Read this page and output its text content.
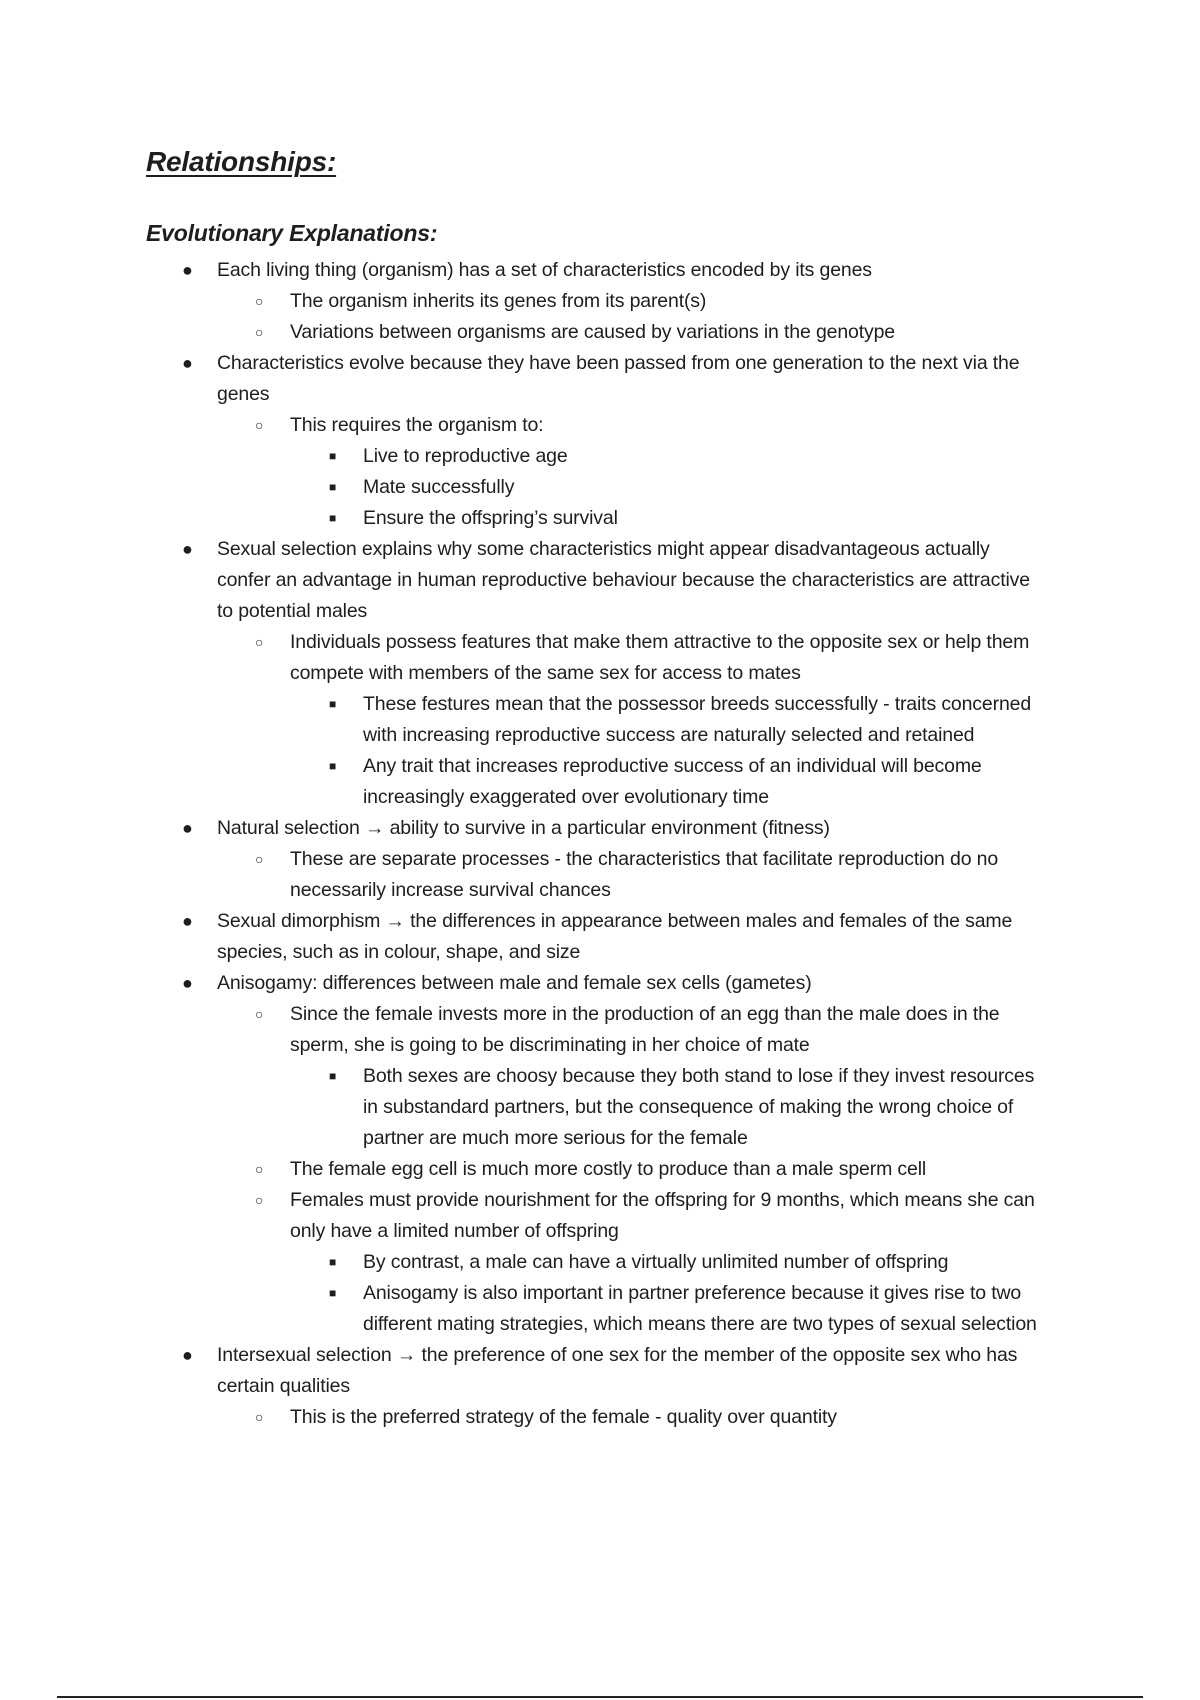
Relationships:
Evolutionary Explanations:
● Each living thing (organism) has a set of characteristics encoded by its genes
○ The organism inherits its genes from its parent(s)
○ Variations between organisms are caused by variations in the genotype
● Characteristics evolve because they have been passed from one generation to the next via the genes
○ This requires the organism to:
■ Live to reproductive age
■ Mate successfully
■ Ensure the offspring’s survival
● Sexual selection explains why some characteristics might appear disadvantageous actually confer an advantage in human reproductive behaviour because the characteristics are attractive to potential males
○ Individuals possess features that make them attractive to the opposite sex or help them compete with members of the same sex for access to mates
■ These festures mean that the possessor breeds successfully - traits concerned with increasing reproductive success are naturally selected and retained
■ Any trait that increases reproductive success of an individual will become increasingly exaggerated over evolutionary time
● Natural selection → ability to survive in a particular environment (fitness)
○ These are separate processes - the characteristics that facilitate reproduction do no necessarily increase survival chances
● Sexual dimorphism → the differences in appearance between males and females of the same species, such as in colour, shape, and size
● Anisogamy: differences between male and female sex cells (gametes)
○ Since the female invests more in the production of an egg than the male does in the sperm, she is going to be discriminating in her choice of mate
■ Both sexes are choosy because they both stand to lose if they invest resources in substandard partners, but the consequence of making the wrong choice of partner are much more serious for the female
○ The female egg cell is much more costly to produce than a male sperm cell
○ Females must provide nourishment for the offspring for 9 months, which means she can only have a limited number of offspring
■ By contrast, a male can have a virtually unlimited number of offspring
■ Anisogamy is also important in partner preference because it gives rise to two different mating strategies, which means there are two types of sexual selection
● Intersexual selection → the preference of one sex for the member of the opposite sex who has certain qualities
○ This is the preferred strategy of the female - quality over quantity
